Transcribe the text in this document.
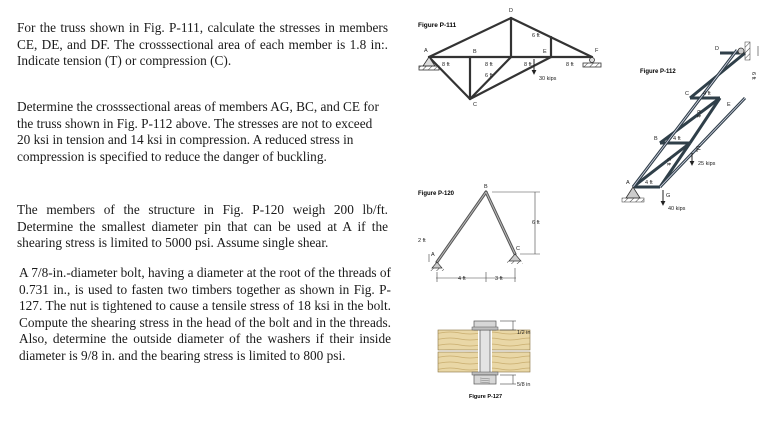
For the truss shown in Fig. P-111, calculate the stresses in members CE, DE, and DF. The crosssectional area of each member is 1.8 in:. Indicate tension (T) or compression (C).

Determine the crosssectional areas of members AG, BC, and CE for the truss shown in Fig. P-112 above. The stresses are not to exceed 20 ksi in tension and 14 ksi in compression. A reduced stress in compression is specified to reduce the danger of buckling.

The members of the structure in Fig. P-120 weigh 200 lb/ft. Determine the smallest diameter pin that can be used at A if the shearing stress is limited to 5000 psi. Assume single shear.

A 7/8-in.-diameter bolt, having a diameter at the root of the threads of 0.731 in., is used to fasten two timbers together as shown in Fig. P-127. The nut is tightened to cause a tensile stress of 18 ksi in the bolt. Compute the shearing stress in the head of the bolt and in the threads. Also, determine the outside diameter of the washers if their inside diameter is 9/8 in. and the bearing stress is limited to 800 psi.

Figure P-111
A	B
C
D
E	F
6 ft
8 ft	8 ft	8 ft	8 ft
6 ft	30 kips
Figure P-112
A
B
C
D
E
F
G
4 ft
4 ft
4 ft
6 ft
6 ft
6 ft	25 kips
40 kips
Figure P-120
A
B
C
6 ft
2 ft
4 ft	3 ft
1/2 in
5/8 in
Figure P-127
